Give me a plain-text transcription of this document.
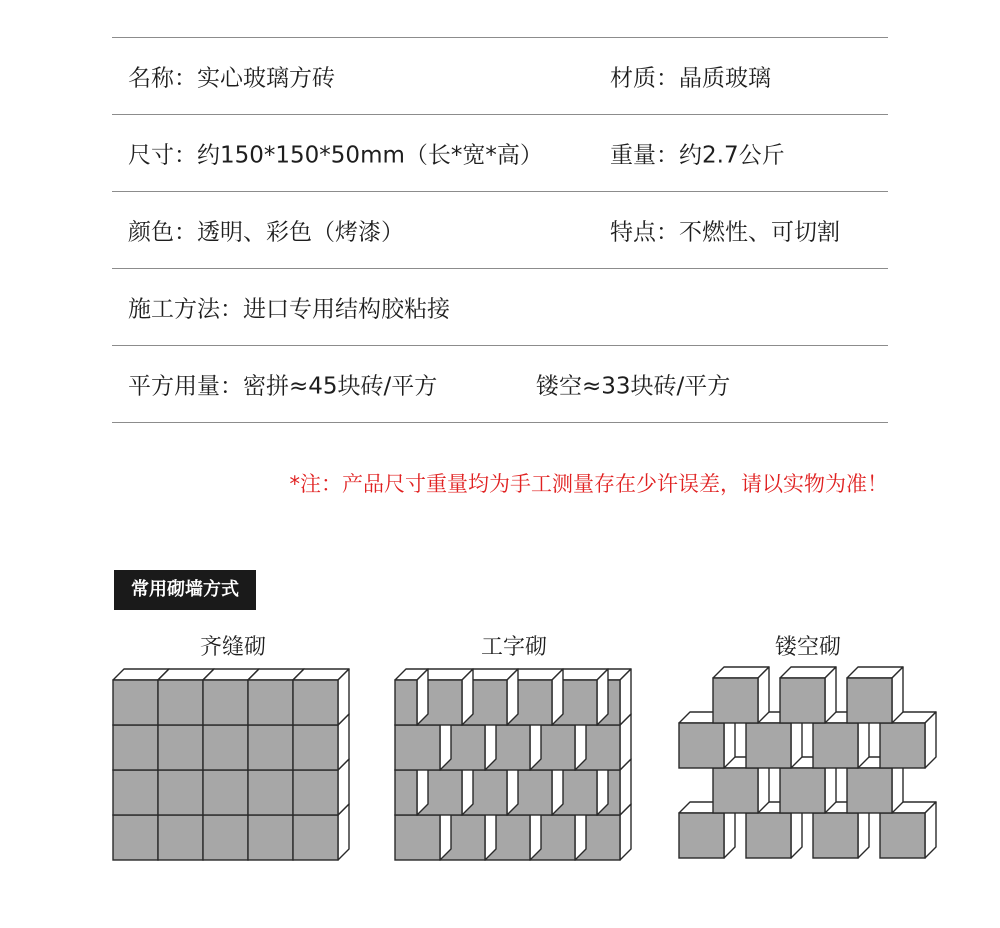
名称：实心玻璃方砖	材质：晶质玻璃
尺寸：约150*150*50mm（长*宽*高）	重量：约2.7公斤
颜色：透明、彩色（烤漆）	特点：不燃性、可切割
施工方法：进口专用结构胶粘接
平方用量：密拼≈45块砖/平方	镂空≈33块砖/平方
*注：产品尺寸重量均为手工测量存在少许误差，请以实物为准！
常用砌墙方式
齐缝砌	工字砌	镂空砌
